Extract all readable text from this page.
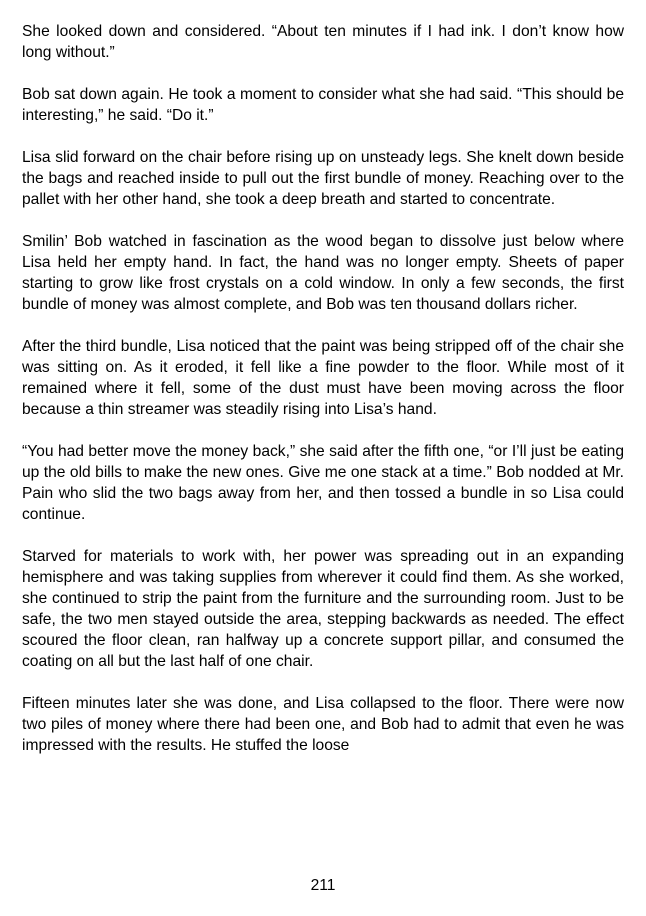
She looked down and considered. “About ten minutes if I had ink. I don’t know how long without.”

Bob sat down again. He took a moment to consider what she had said. “This should be interesting,” he said. “Do it.”

Lisa slid forward on the chair before rising up on unsteady legs. She knelt down beside the bags and reached inside to pull out the first bundle of money. Reaching over to the pallet with her other hand, she took a deep breath and started to concentrate.

Smilin’ Bob watched in fascination as the wood began to dissolve just below where Lisa held her empty hand. In fact, the hand was no longer empty. Sheets of paper starting to grow like frost crystals on a cold window. In only a few seconds, the first bundle of money was almost complete, and Bob was ten thousand dollars richer.

After the third bundle, Lisa noticed that the paint was being stripped off of the chair she was sitting on. As it eroded, it fell like a fine powder to the floor. While most of it remained where it fell, some of the dust must have been moving across the floor because a thin streamer was steadily rising into Lisa’s hand.

“You had better move the money back,” she said after the fifth one, “or I’ll just be eating up the old bills to make the new ones. Give me one stack at a time.” Bob nodded at Mr. Pain who slid the two bags away from her, and then tossed a bundle in so Lisa could continue.

Starved for materials to work with, her power was spreading out in an expanding hemisphere and was taking supplies from wherever it could find them. As she worked, she continued to strip the paint from the furniture and the surrounding room. Just to be safe, the two men stayed outside the area, stepping backwards as needed. The effect scoured the floor clean, ran halfway up a concrete support pillar, and consumed the coating on all but the last half of one chair.

Fifteen minutes later she was done, and Lisa collapsed to the floor. There were now two piles of money where there had been one, and Bob had to admit that even he was impressed with the results. He stuffed the loose

211
